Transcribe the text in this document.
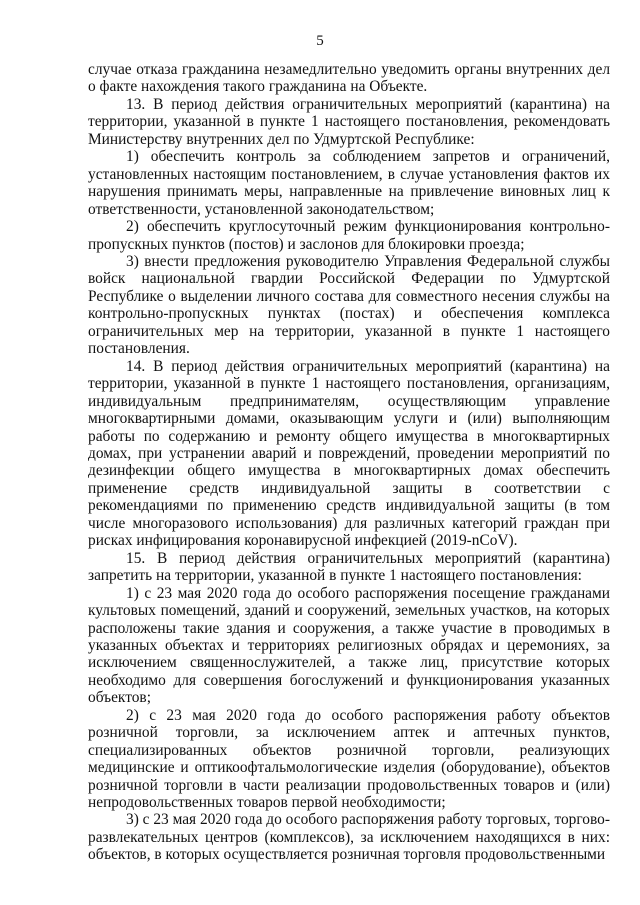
5

случае отказа гражданина незамедлительно уведомить органы внутренних дел о факте нахождения такого гражданина на Объекте.

13. В период действия ограничительных мероприятий (карантина) на территории, указанной в пункте 1 настоящего постановления, рекомендовать Министерству внутренних дел по Удмуртской Республике:

1) обеспечить контроль за соблюдением запретов и ограничений, установленных настоящим постановлением, в случае установления фактов их нарушения принимать меры, направленные на привлечение виновных лиц к ответственности, установленной законодательством;

2) обеспечить круглосуточный режим функционирования контрольно-пропускных пунктов (постов) и заслонов для блокировки проезда;

3) внести предложения руководителю Управления Федеральной службы войск национальной гвардии Российской Федерации по Удмуртской Республике о выделении личного состава для совместного несения службы на контрольно-пропускных пунктах (постах) и обеспечения комплекса ограничительных мер на территории, указанной в пункте 1 настоящего постановления.

14. В период действия ограничительных мероприятий (карантина) на территории, указанной в пункте 1 настоящего постановления, организациям, индивидуальным предпринимателям, осуществляющим управление многоквартирными домами, оказывающим услуги и (или) выполняющим работы по содержанию и ремонту общего имущества в многоквартирных домах, при устранении аварий и повреждений, проведении мероприятий по дезинфекции общего имущества в многоквартирных домах обеспечить применение средств индивидуальной защиты в соответствии с рекомендациями по применению средств индивидуальной защиты (в том числе многоразового использования) для различных категорий граждан при рисках инфицирования коронавирусной инфекцией (2019-nCoV).

15. В период действия ограничительных мероприятий (карантина) запретить на территории, указанной в пункте 1 настоящего постановления:

1) с 23 мая 2020 года до особого распоряжения посещение гражданами культовых помещений, зданий и сооружений, земельных участков, на которых расположены такие здания и сооружения, а также участие в проводимых в указанных объектах и территориях религиозных обрядах и церемониях, за исключением священнослужителей, а также лиц, присутствие которых необходимо для совершения богослужений и функционирования указанных объектов;

2) с 23 мая 2020 года до особого распоряжения работу объектов розничной торговли, за исключением аптек и аптечных пунктов, специализированных объектов розничной торговли, реализующих медицинские и оптикоофтальмологические изделия (оборудование), объектов розничной торговли в части реализации продовольственных товаров и (или) непродовольственных товаров первой необходимости;

3) с 23 мая 2020 года до особого распоряжения работу торговых, торгово-развлекательных центров (комплексов), за исключением находящихся в них: объектов, в которых осуществляется розничная торговля продовольственными
